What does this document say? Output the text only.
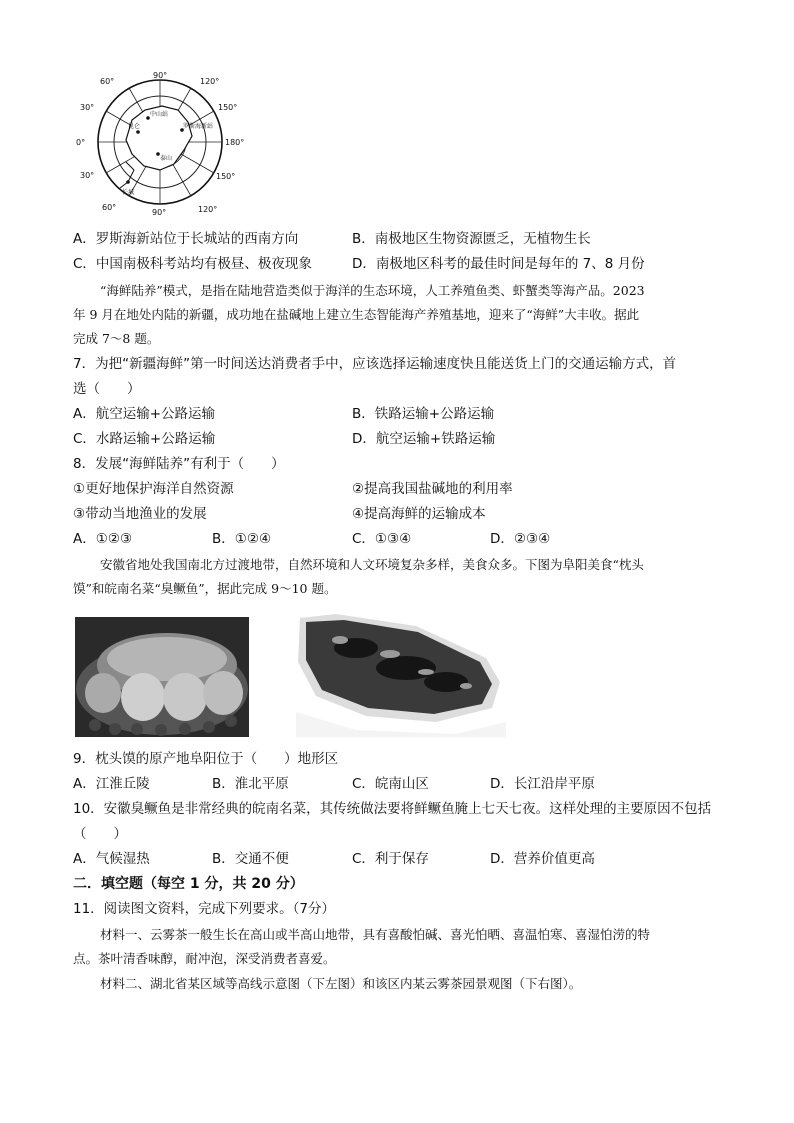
90°
120°
150°
180°
150°
120°
90°
60°
30°
0°
30°
60°
长城
中山站
罗斯海新站
昆仑
泰山
A．罗斯海新站位于长城站的西南方向	B．南极地区生物资源匮乏，无植物生长
C．中国南极科考站均有极昼、极夜现象	D．南极地区科考的最佳时间是每年的 7、8 月份
“海鲜陆养”模式，是指在陆地营造类似于海洋的生态环境，人工养殖鱼类、虾蟹类等海产品。2023
年 9 月在地处内陆的新疆，成功地在盐碱地上建立生态智能海产养殖基地，迎来了“海鲜”大丰收。据此
完成 7～8 题。
7．为把“新疆海鲜”第一时间送达消费者手中，应该选择运输速度快且能送货上门的交通运输方式，首
选（　　）
A．航空运输+公路运输	B．铁路运输+公路运输
C．水路运输+公路运输	D．航空运输+铁路运输
8．发展“海鲜陆养”有利于（　　）
①更好地保护海洋自然资源	②提高我国盐碱地的利用率
③带动当地渔业的发展	④提高海鲜的运输成本
A．①②③	B．①②④	C．①③④	D．②③④
安徽省地处我国南北方过渡地带，自然环境和人文环境复杂多样，美食众多。下图为阜阳美食“枕头
馍”和皖南名菜“臭鳜鱼”，据此完成 9～10 题。
9．枕头馍的原产地阜阳位于（　　）地形区
A．江淮丘陵	B．淮北平原	C．皖南山区	D．长江沿岸平原
10．安徽臭鳜鱼是非常经典的皖南名菜，其传统做法要将鲜鳜鱼腌上七天七夜。这样处理的主要原因不包括
（　　）
A．气候湿热	B．交通不便	C．利于保存	D．营养价值更高
二．填空题（每空 1 分，共 20 分）
11．阅读图文资料，完成下列要求。（7分）
材料一、云雾茶一般生长在高山或半高山地带，具有喜酸怕碱、喜光怕晒、喜温怕寒、喜湿怕涝的特
点。茶叶清香味醇，耐冲泡，深受消费者喜爱。
材料二、湖北省某区域等高线示意图（下左图）和该区内某云雾茶园景观图（下右图）。
